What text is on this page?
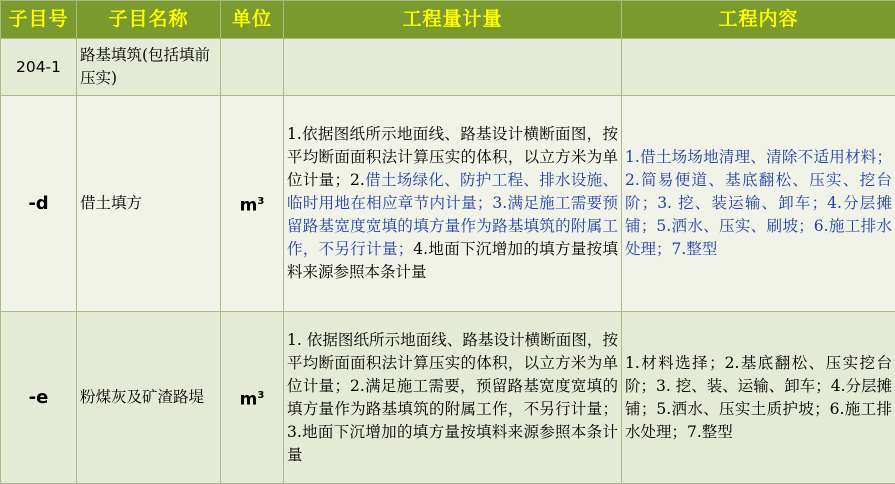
子目号	子目名称	单位	工程量计量	工程内容
204-1	路基填筑(包括填前压实)			
-d	借土填方	$m^3$	1.依据图纸所示地面线、路基设计横断面图，按平均断面面积法计算压实的体积，以立方米为单位计量；2.借土场绿化、防护工程、排水设施、临时用地在相应章节内计量；3.满足施工需要预留路基宽度宽填的填方量作为路基填筑的附属工作，不另行计量；4.地面下沉增加的填方量按填料来源参照本条计量	1.借土场场地清理、清除不适用材料；2.简易便道、基底翻松、压实、挖台阶；3. 挖、装运输、卸车；4.分层摊铺；5.洒水、压实、刷坡；6.施工排水处理；7.整型
-e	粉煤灰及矿渣路堤	$m^3$	1. 依据图纸所示地面线、路基设计横断面图，按平均断面面积法计算压实的体积，以立方米为单位计量；2.满足施工需要，预留路基宽度宽填的填方量作为路基填筑的附属工作，不另行计量；3.地面下沉增加的填方量按填料来源参照本条计量	1.材料选择；2.基底翻松、压实挖台阶；3. 挖、装、运输、卸车；4.分层摊铺；5.洒水、压实土质护坡；6.施工排水处理；7.整型
